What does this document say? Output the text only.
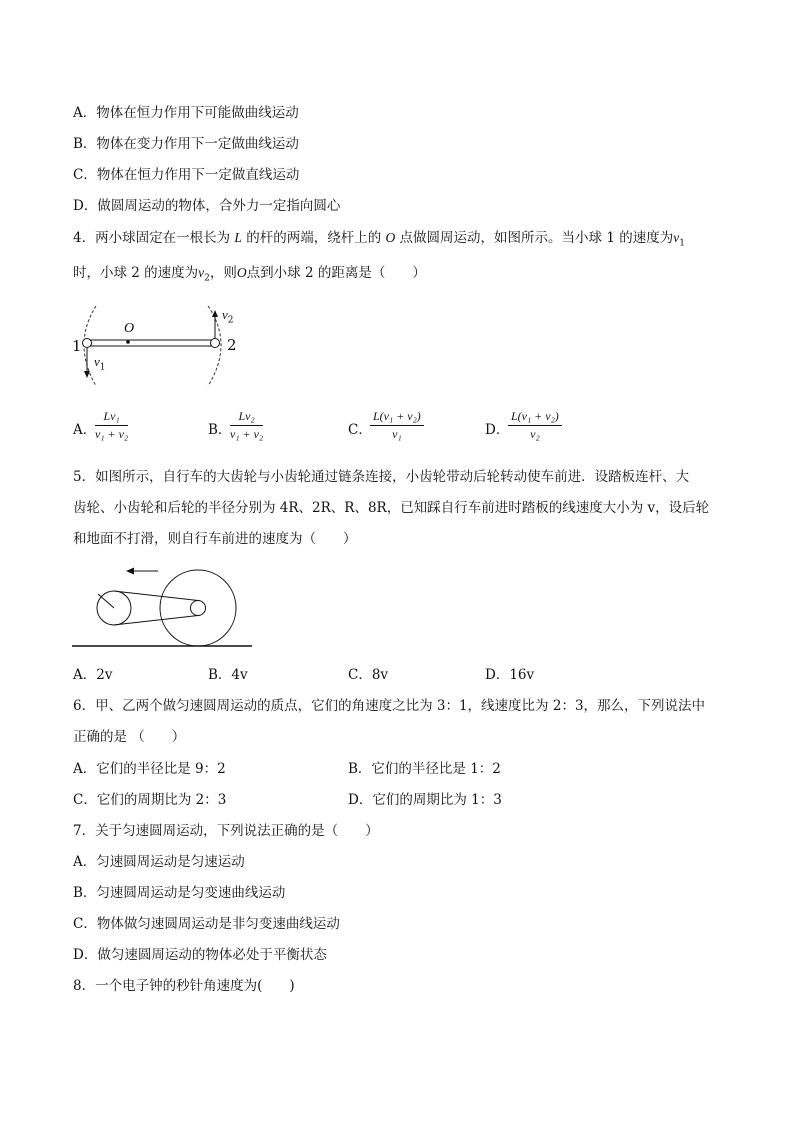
A．物体在恒力作用下可能做曲线运动
B．物体在变力作用下一定做曲线运动
C．物体在恒力作用下一定做直线运动
D．做圆周运动的物体，合外力一定指向圆心
4．两小球固定在一根长为 L 的杆的两端，绕杆上的 O 点做圆周运动，如图所示。当小球 1 的速度为$v_1$
时，小球 2 的速度为$v_2$，则O点到小球 2 的距离是（　　）
O
1	2
$v_1$
$v_2$
A．
$\frac{\text{Lv₁}}{\text{v₁ + v₂}}$	B．
$\frac{\text{Lv₂}}{\text{v₁ + v₂}}$	C．
$\frac{\text{L(v₁ + v₂)}}{\text{v₁}}$	D．
$\frac{\text{L(v₁ + v₂)}}{\text{v₂}}$
5．如图所示，自行车的大齿轮与小齿轮通过链条连接，小齿轮带动后轮转动使车前进．设踏板连杆、大
齿轮、小齿轮和后轮的半径分别为 4R、2R、R、8R，已知踩自行车前进时踏板的线速度大小为 v，设后轮
和地面不打滑，则自行车前进的速度为（　　）
A．2v	B．4v	C．8v	D．16v
6．甲、乙两个做匀速圆周运动的质点，它们的角速度之比为 3：1，线速度比为 2：3，那么，下列说法中
正确的是 （　　）
A．它们的半径比是 9：2	B．它们的半径比是 1：2
C．它们的周期比为 2：3	D．它们的周期比为 1：3
7．关于匀速圆周运动，下列说法正确的是（　　）
A．匀速圆周运动是匀速运动
B．匀速圆周运动是匀变速曲线运动
C．物体做匀速圆周运动是非匀变速曲线运动
D．做匀速圆周运动的物体必处于平衡状态
8．一个电子钟的秒针角速度为(　　)
